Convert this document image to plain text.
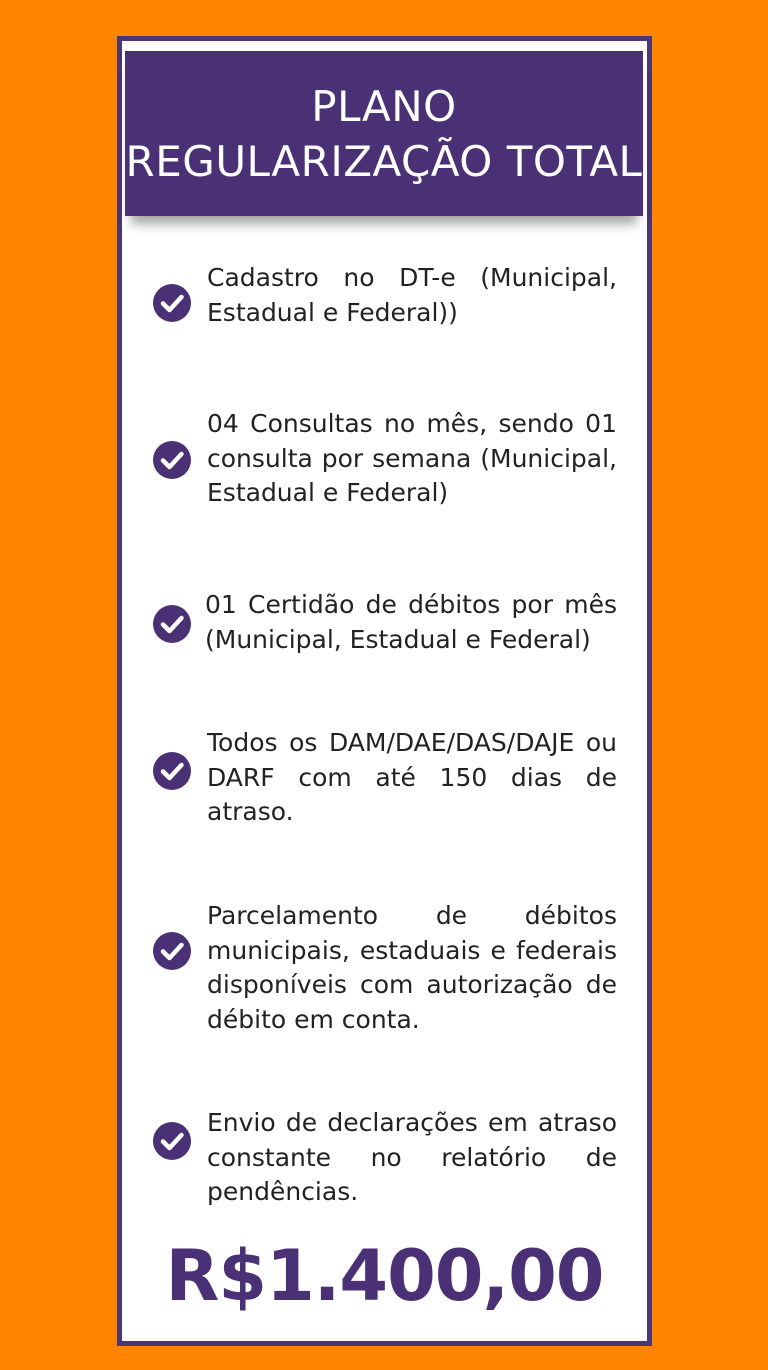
PLANO REGULARIZAÇÃO TOTAL

Cadastro no DT-e (Municipal, Estadual e Federal))

04 Consultas no mês, sendo 01 consulta por semana (Municipal, Estadual e Federal)

01 Certidão de débitos por mês (Municipal, Estadual e Federal)

Todos os DAM/DAE/DAS/DAJE ou DARF com até 150 dias de atraso.

Parcelamento de débitos municipais, estaduais e federais disponíveis com autorização de débito em conta.

Envio de declarações em atraso constante no relatório de pendências.

R$1.400,00
